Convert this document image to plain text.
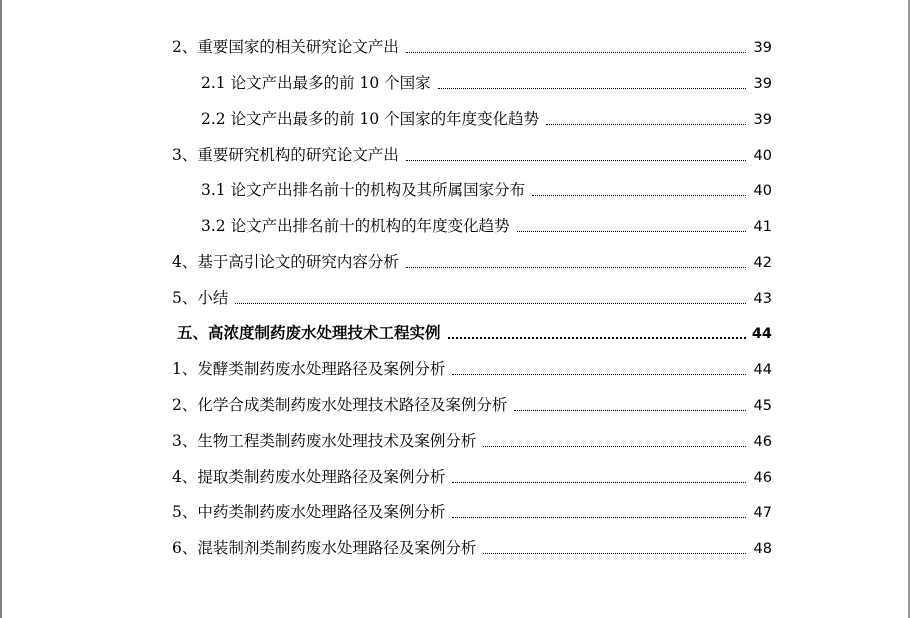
2、重要国家的相关研究论文产出	39
2.1 论文产出最多的前 10 个国家	39
2.2 论文产出最多的前 10 个国家的年度变化趋势	39
3、重要研究机构的研究论文产出	40
3.1 论文产出排名前十的机构及其所属国家分布	40
3.2 论文产出排名前十的机构的年度变化趋势	41
4、基于高引论文的研究内容分析	42
5、小结	43
五、高浓度制药废水处理技术工程实例	44
1、发酵类制药废水处理路径及案例分析	44
2、化学合成类制药废水处理技术路径及案例分析	45
3、生物工程类制药废水处理技术及案例分析	46
4、提取类制药废水处理路径及案例分析	46
5、中药类制药废水处理路径及案例分析	47
6、混装制剂类制药废水处理路径及案例分析	48
